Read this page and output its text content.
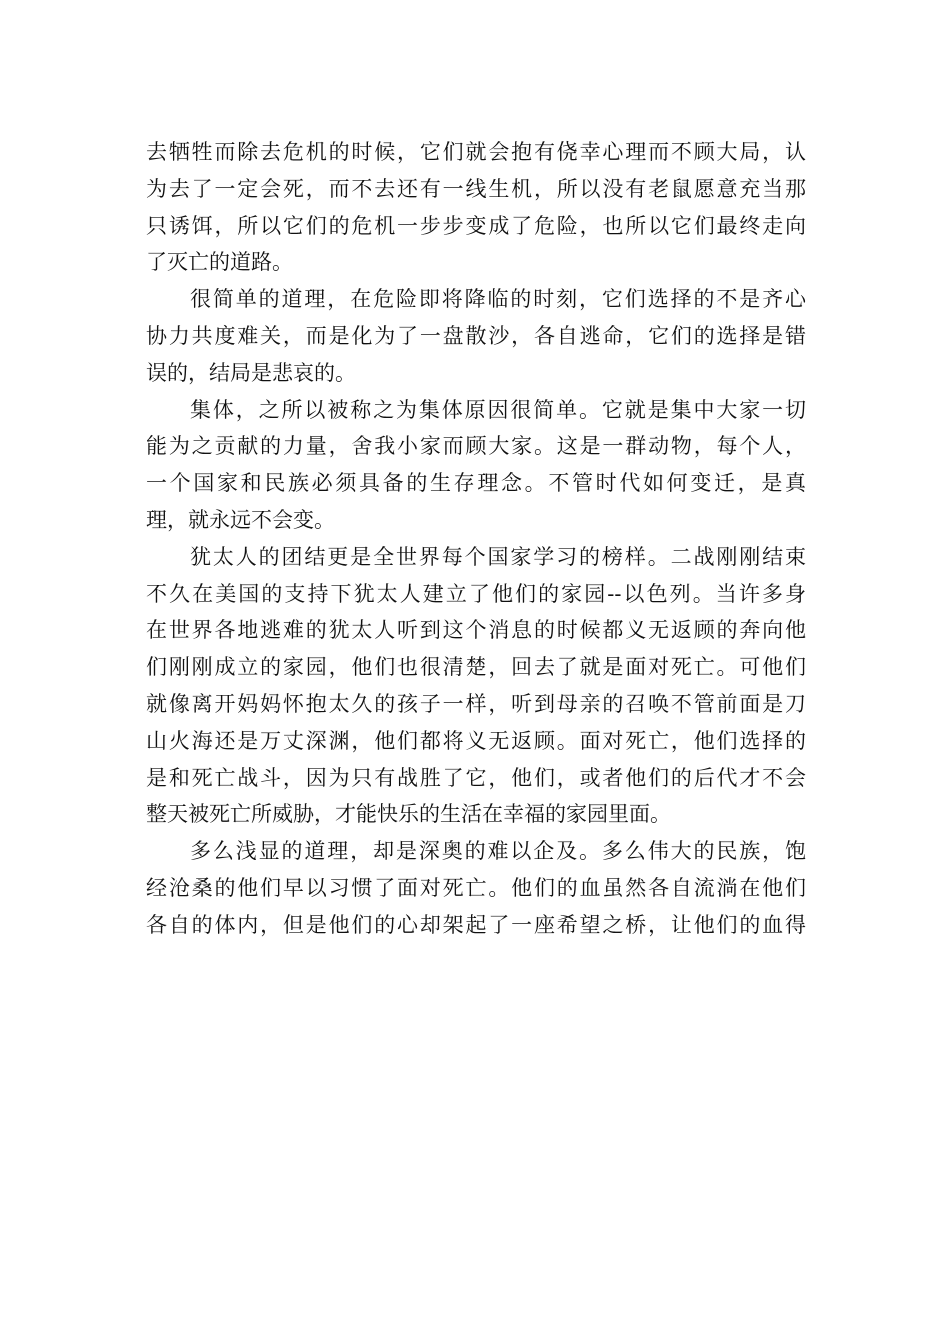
去牺牲而除去危机的时候，它们就会抱有侥幸心理而不顾大局，认
为去了一定会死，而不去还有一线生机，所以没有老鼠愿意充当那
只诱饵，所以它们的危机一步步变成了危险，也所以它们最终走向
了灭亡的道路。
很简单的道理，在危险即将降临的时刻，它们选择的不是齐心
协力共度难关，而是化为了一盘散沙，各自逃命，它们的选择是错
误的，结局是悲哀的。
集体，之所以被称之为集体原因很简单。它就是集中大家一切
能为之贡献的力量，舍我小家而顾大家。这是一群动物，每个人，
一个国家和民族必须具备的生存理念。不管时代如何变迁，是真
理，就永远不会变。
犹太人的团结更是全世界每个国家学习的榜样。二战刚刚结束
不久在美国的支持下犹太人建立了他们的家园--以色列。当许多身
在世界各地逃难的犹太人听到这个消息的时候都义无返顾的奔向他
们刚刚成立的家园，他们也很清楚，回去了就是面对死亡。可他们
就像离开妈妈怀抱太久的孩子一样，听到母亲的召唤不管前面是刀
山火海还是万丈深渊，他们都将义无返顾。面对死亡，他们选择的
是和死亡战斗，因为只有战胜了它，他们，或者他们的后代才不会
整天被死亡所威胁，才能快乐的生活在幸福的家园里面。
多么浅显的道理，却是深奥的难以企及。多么伟大的民族，饱
经沧桑的他们早以习惯了面对死亡。他们的血虽然各自流淌在他们
各自的体内，但是他们的心却架起了一座希望之桥，让他们的血得
